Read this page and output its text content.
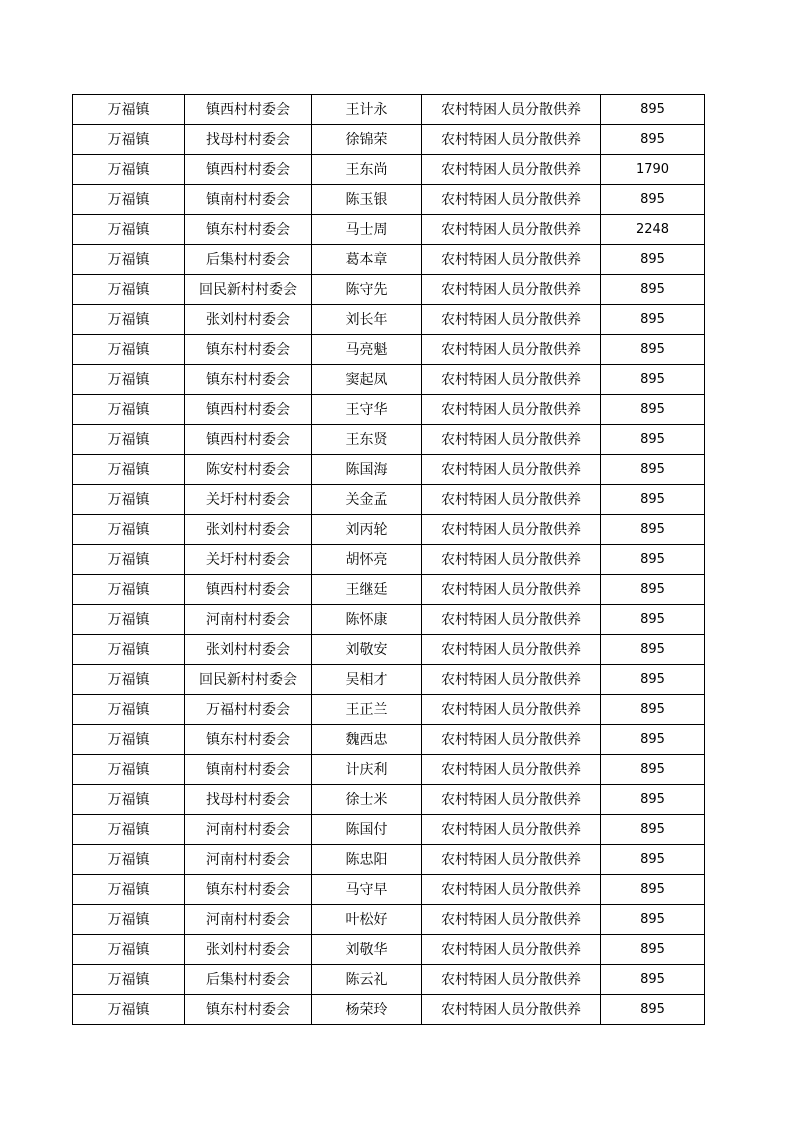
万福镇	镇西村村委会	王计永	农村特困人员分散供养	895
万福镇	找母村村委会	徐锦荣	农村特困人员分散供养	895
万福镇	镇西村村委会	王东尚	农村特困人员分散供养	1790
万福镇	镇南村村委会	陈玉银	农村特困人员分散供养	895
万福镇	镇东村村委会	马士周	农村特困人员分散供养	2248
万福镇	后集村村委会	葛本章	农村特困人员分散供养	895
万福镇	回民新村村委会	陈守先	农村特困人员分散供养	895
万福镇	张刘村村委会	刘长年	农村特困人员分散供养	895
万福镇	镇东村村委会	马亮魁	农村特困人员分散供养	895
万福镇	镇东村村委会	窦起凤	农村特困人员分散供养	895
万福镇	镇西村村委会	王守华	农村特困人员分散供养	895
万福镇	镇西村村委会	王东贤	农村特困人员分散供养	895
万福镇	陈安村村委会	陈国海	农村特困人员分散供养	895
万福镇	关圩村村委会	关金孟	农村特困人员分散供养	895
万福镇	张刘村村委会	刘丙轮	农村特困人员分散供养	895
万福镇	关圩村村委会	胡怀亮	农村特困人员分散供养	895
万福镇	镇西村村委会	王继廷	农村特困人员分散供养	895
万福镇	河南村村委会	陈怀康	农村特困人员分散供养	895
万福镇	张刘村村委会	刘敬安	农村特困人员分散供养	895
万福镇	回民新村村委会	吴相才	农村特困人员分散供养	895
万福镇	万福村村委会	王正兰	农村特困人员分散供养	895
万福镇	镇东村村委会	魏西忠	农村特困人员分散供养	895
万福镇	镇南村村委会	计庆利	农村特困人员分散供养	895
万福镇	找母村村委会	徐士米	农村特困人员分散供养	895
万福镇	河南村村委会	陈国付	农村特困人员分散供养	895
万福镇	河南村村委会	陈忠阳	农村特困人员分散供养	895
万福镇	镇东村村委会	马守早	农村特困人员分散供养	895
万福镇	河南村村委会	叶松好	农村特困人员分散供养	895
万福镇	张刘村村委会	刘敬华	农村特困人员分散供养	895
万福镇	后集村村委会	陈云礼	农村特困人员分散供养	895
万福镇	镇东村村委会	杨荣玲	农村特困人员分散供养	895
